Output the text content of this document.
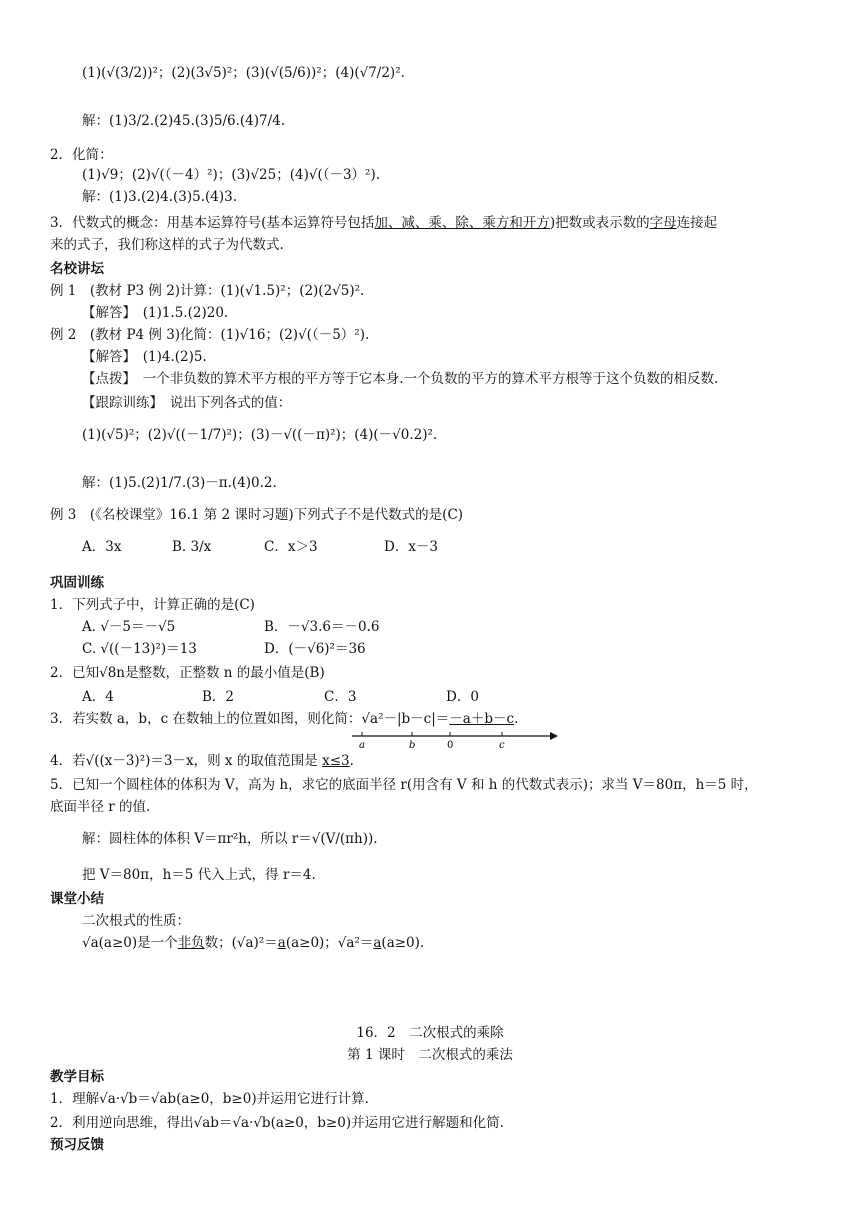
(1)(√(3/2))²；(2)(3√5)²；(3)(√(5/6))²；(4)(√7/2)².
解：(1)3/2.(2)45.(3)5/6.(4)7/4.
2．化简：
(1)√9；(2)√(（－4）²)；(3)√25；(4)√(（－3）²).
解：(1)3.(2)4.(3)5.(4)3.
3．代数式的概念：用基本运算符号(基本运算符号包括加、减、乘、除、乘方和开方)把数或表示数的字母连接起
来的式子，我们称这样的式子为代数式.
名校讲坛
例 1　(教材 P3 例 2)计算：(1)(√1.5)²；(2)(2√5)².
【解答】　(1)1.5.(2)20.
例 2　(教材 P4 例 3)化简：(1)√16；(2)√(（－5）²).
【解答】　(1)4.(2)5.
【点拨】　一个非负数的算术平方根的平方等于它本身.一个负数的平方的算术平方根等于这个负数的相反数.
【跟踪训练】　说出下列各式的值：
(1)(√5)²；(2)√((－1/7)²)；(3)－√((－π)²)；(4)(－√0.2)².
解：(1)5.(2)1/7.(3)－π.(4)0.2.
例 3　(《名校课堂》16.1 第 2 课时习题)下列式子不是代数式的是(C)
A．3x	B. 3/x	C．x＞3	D．x－3
巩固训练
1．下列式子中，计算正确的是(C)
A. √－5＝－√5	B．－√3.6＝－0.6
C. √((－13)²)＝13	D．(－√6)²＝36
2．已知√8n是整数，正整数 n 的最小值是(B)
A．4	B．2	C．3	D．0
3．若实数 a，b，c 在数轴上的位置如图，则化简：√a²－|b－c|＝－a＋b－c.
a	b	0	c
4．若√((x－3)²)＝3－x，则 x 的取值范围是 x≤3.
5．已知一个圆柱体的体积为 V，高为 h，求它的底面半径 r(用含有 V 和 h 的代数式表示)；求当 V＝80π，h＝5 时，
底面半径 r 的值.
解：圆柱体的体积 V＝πr²h，所以 r＝√(V/(πh)).
把 V＝80π，h＝5 代入上式，得 r＝4.
课堂小结
二次根式的性质：
√a(a≥0)是一个非负数；(√a)²＝a(a≥0)；√a²＝a(a≥0).
16．2　二次根式的乘除
第 1 课时　二次根式的乘法
教学目标
1．理解√a·√b＝√ab(a≥0，b≥0)并运用它进行计算.
2．利用逆向思维，得出√ab＝√a·√b(a≥0，b≥0)并运用它进行解题和化简.
预习反馈
